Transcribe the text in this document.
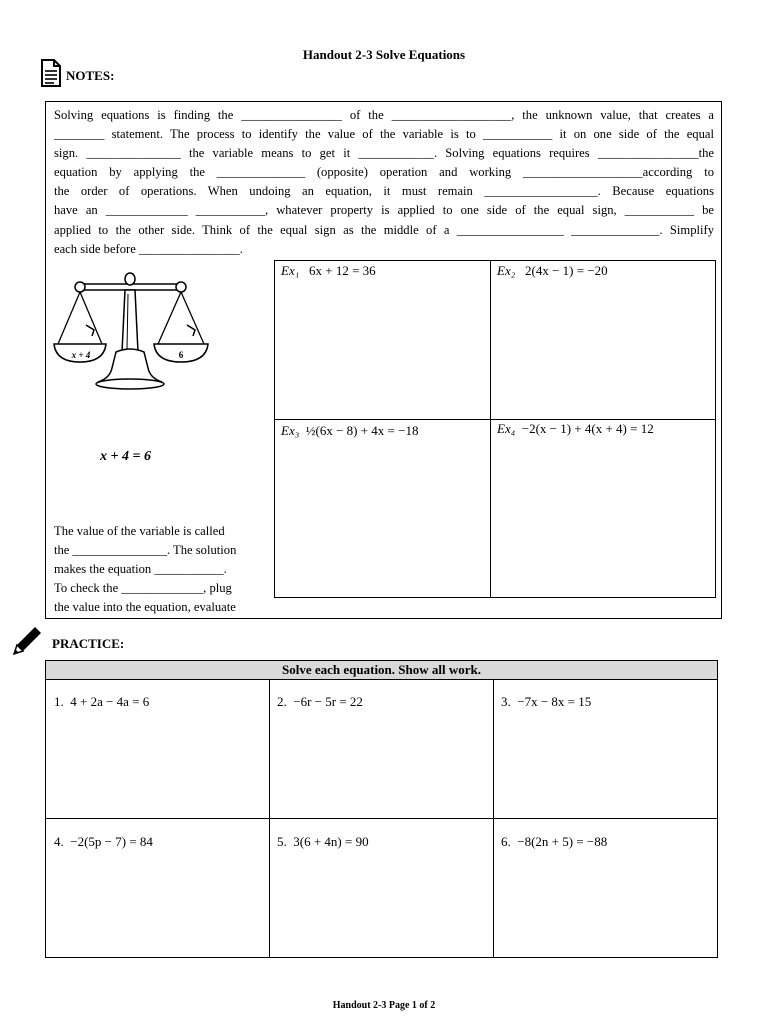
Handout 2-3 Solve Equations
NOTES:

Solving equations is finding the ________________ of the ___________________, the unknown value, that creates a

________ statement. The process to identify the value of the variable is to ___________ it on one side of the equal

sign. _______________ the variable means to get it ____________. Solving equations requires ________________the

equation by applying the ______________ (opposite) operation and working ___________________according to

the order of operations. When undoing an equation, it must remain __________________. Because equations

have an _____________ ___________, whatever property is applied to one side of the equal sign, ___________ be

applied to the other side. Think of the equal sign as the middle of a _________________ ______________. Simplify

each side before ________________.

x + 4	6
x + 4 = 6
Ex₁ 6x + 12 = 36	Ex₂ 2(4x − 1) = −20
Ex₃ ½(6x − 8) + 4x = −18	Ex₄ −2(x − 1) + 4(x + 4) = 12

The value of the variable is called

the _______________. The solution

makes the equation ___________.

To check the _____________, plug

the value into the equation, evaluate

PRACTICE:
Solve each equation. Show all work.
1. 4 + 2a − 4a = 6	2. −6r − 5r = 22	3. −7x − 8x = 15
4. −2(5p − 7) = 84	5. 3(6 + 4n) = 90	6. −8(2n + 5) = −88
Handout 2-3 Page 1 of 2
